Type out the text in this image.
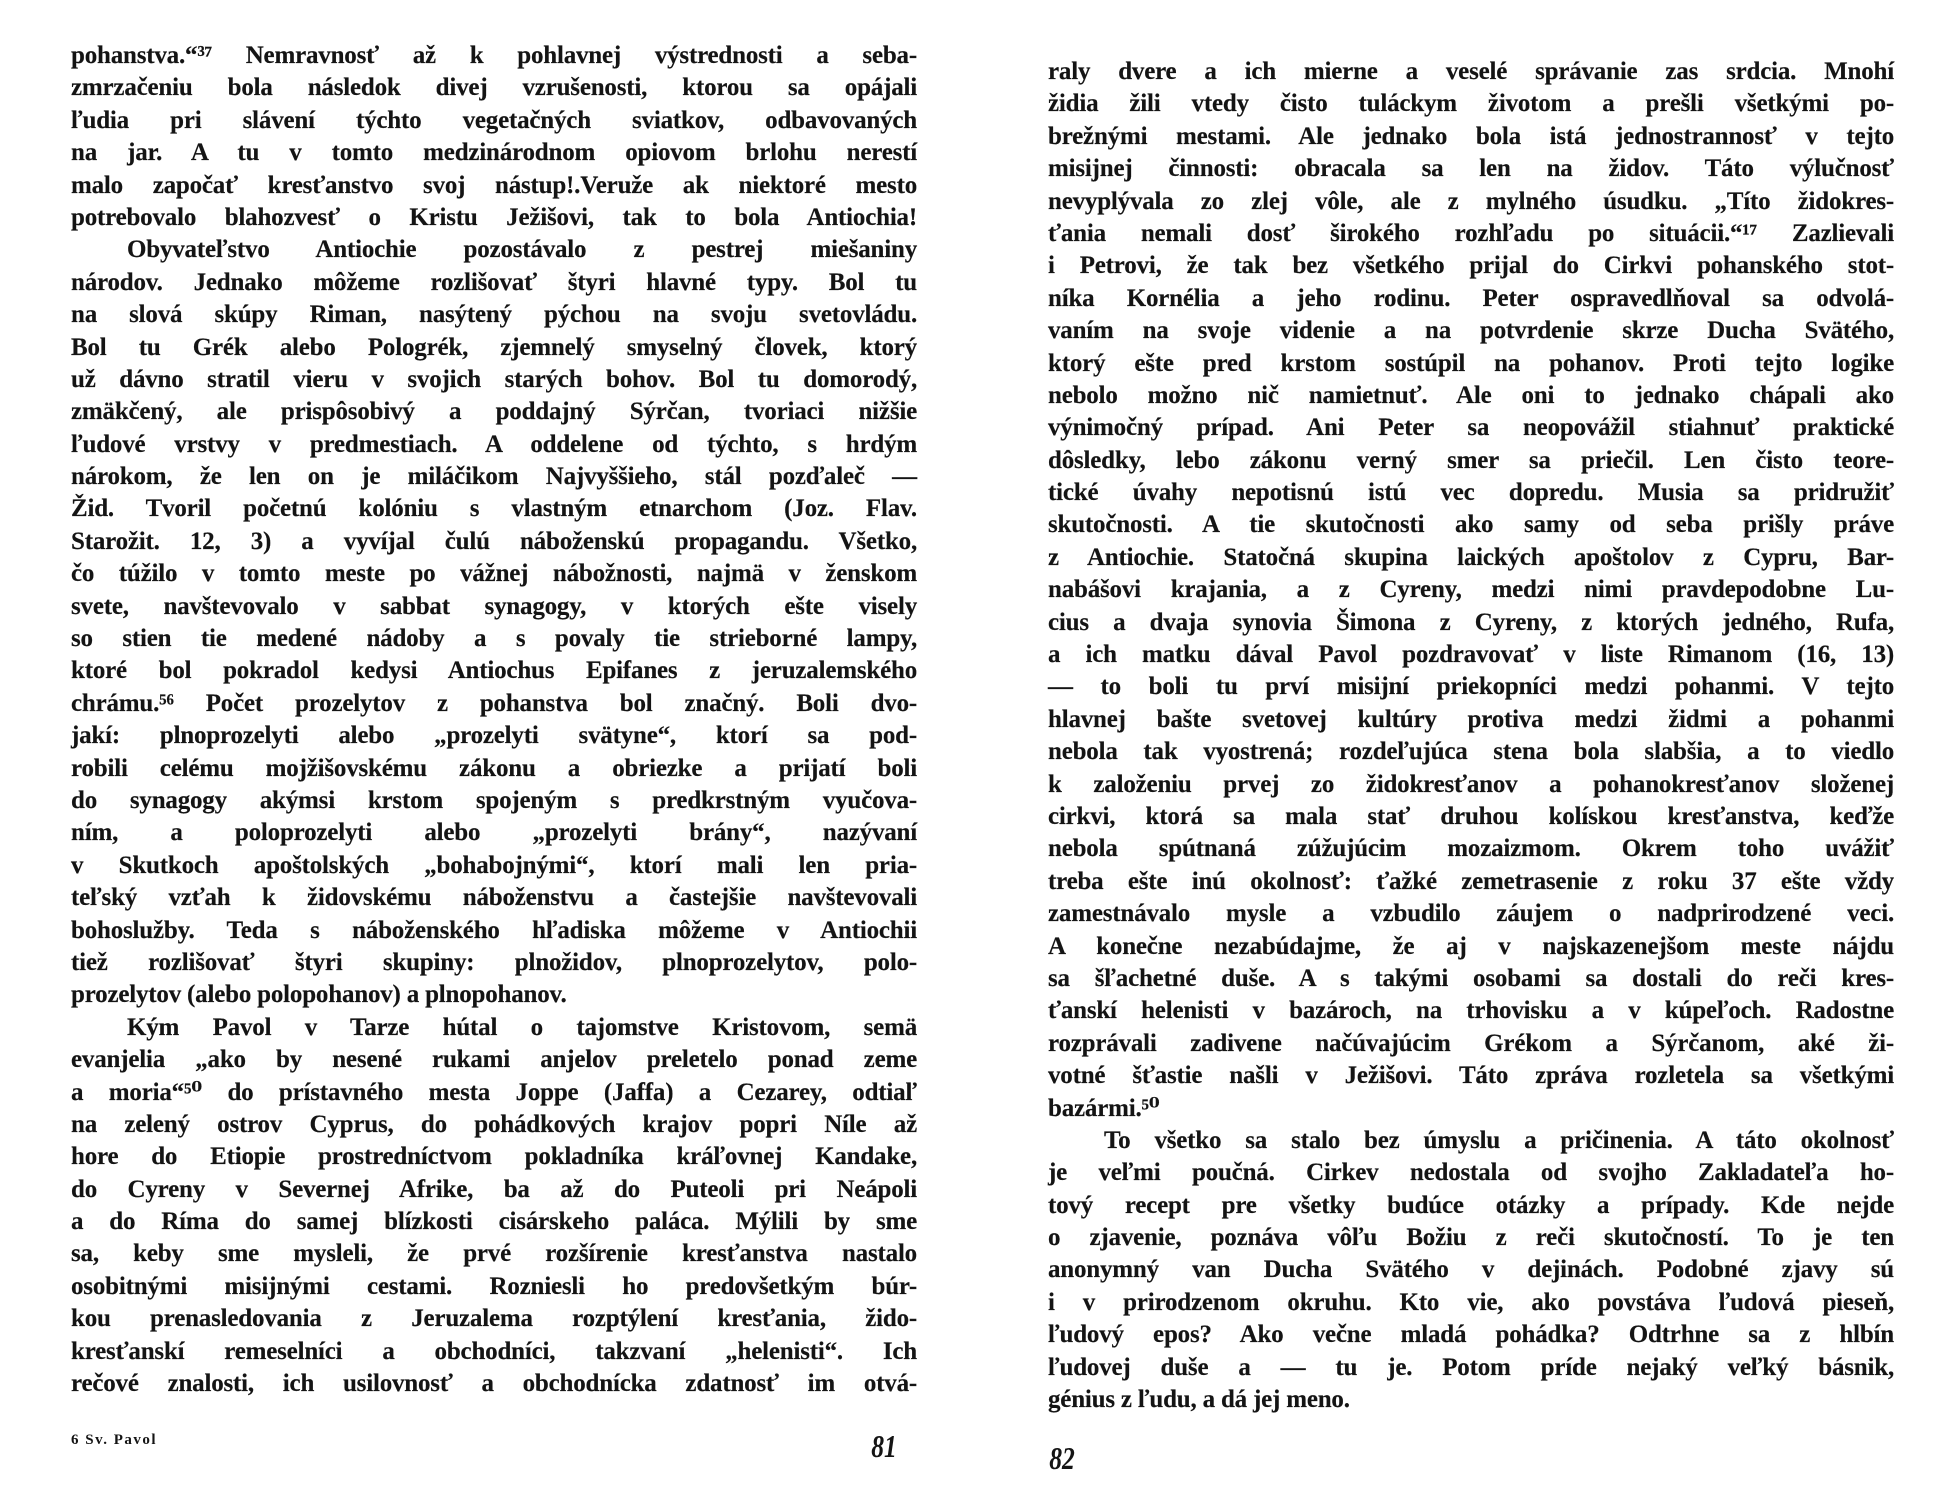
pohanstva.“³⁷ Nemravnosť až k pohlavnej výstrednosti a seba-
zmrzačeniu bola následok divej vzrušenosti, ktorou sa opájali
ľudia pri slávení týchto vegetačných sviatkov, odbavovaných
na jar. A tu v tomto medzinárodnom opiovom brlohu nerestí
malo započať kresťanstvo svoj nástup!.Veruže ak niektoré mesto
potrebovalo blahozvesť o Kristu Ježišovi, tak to bola Antiochia!
Obyvateľstvo Antiochie pozostávalo z pestrej miešaniny
národov. Jednako môžeme rozlišovať štyri hlavné typy. Bol tu
na slová skúpy Riman, nasýtený pýchou na svoju svetovládu.
Bol tu Grék alebo Pologrék, zjemnelý smyselný človek, ktorý
už dávno stratil vieru v svojich starých bohov. Bol tu domorodý,
zmäkčený, ale prispôsobivý a poddajný Sýrčan, tvoriaci nižšie
ľudové vrstvy v predmestiach. A oddelene od týchto, s hrdým
nárokom, že len on je miláčikom Najvyššieho, stál pozďaleč —
Žid. Tvoril početnú kolóniu s vlastným etnarchom (Joz. Flav.
Starožit. 12, 3) a vyvíjal čulú náboženskú propagandu. Všetko,
čo túžilo v tomto meste po vážnej nábožnosti, najmä v ženskom
svete, navštevovalo v sabbat synagogy, v ktorých ešte visely
so stien tie medené nádoby a s povaly tie strieborné lampy,
ktoré bol pokradol kedysi Antiochus Epifanes z jeruzalemského
chrámu.⁵⁶ Počet prozelytov z pohanstva bol značný. Boli dvo-
jakí: plnoprozelyti alebo „prozelyti svätyne“, ktorí sa pod-
robili celému mojžišovskému zákonu a obriezke a prijatí boli
do synagogy akýmsi krstom spojeným s predkrstným vyučova-
ním, a poloprozelyti alebo „prozelyti brány“, nazývaní
v Skutkoch apoštolských „bohabojnými“, ktorí mali len pria-
teľský vzťah k židovskému náboženstvu a častejšie navštevovali
bohoslužby. Teda s náboženského hľadiska môžeme v Antiochii
tiež rozlišovať štyri skupiny: plnožidov, plnoprozelytov, polo-
prozelytov (alebo polopohanov) a plnopohanov.
Kým Pavol v Tarze hútal o tajomstve Kristovom, semä
evanjelia „ako by nesené rukami anjelov preletelo ponad zeme
a moria“⁵⁰ do prístavného mesta Joppe (Jaffa) a Cezarey, odtiaľ
na zelený ostrov Cyprus, do pohádkových krajov popri Níle až
hore do Etiopie prostredníctvom pokladníka kráľovnej Kandake,
do Cyreny v Severnej Afrike, ba až do Puteoli pri Neápoli
a do Ríma do samej blízkosti cisárskeho paláca. Mýlili by sme
sa, keby sme mysleli, že prvé rozšírenie kresťanstva nastalo
osobitnými misijnými cestami. Rozniesli ho predovšetkým búr-
kou prenasledovania z Jeruzalema rozptýlení kresťania, žido-
kresťanskí remeselníci a obchodníci, takzvaní „helenisti“. Ich
rečové znalosti, ich usilovnosť a obchodnícka zdatnosť im otvá-
raly dvere a ich mierne a veselé správanie zas srdcia. Mnohí
židia žili vtedy čisto tuláckym životom a prešli všetkými po-
brežnými mestami. Ale jednako bola istá jednostrannosť v tejto
misijnej činnosti: obracala sa len na židov. Táto výlučnosť
nevyplývala zo zlej vôle, ale z mylného úsudku. „Títo židokres-
ťania nemali dosť širokého rozhľadu po situácii.“¹⁷ Zazlievali
i Petrovi, že tak bez všetkého prijal do Cirkvi pohanského stot-
níka Kornélia a jeho rodinu. Peter ospravedlňoval sa odvolá-
vaním na svoje videnie a na potvrdenie skrze Ducha Svätého,
ktorý ešte pred krstom sostúpil na pohanov. Proti tejto logike
nebolo možno nič namietnuť. Ale oni to jednako chápali ako
výnimočný prípad. Ani Peter sa neopovážil stiahnuť praktické
dôsledky, lebo zákonu verný smer sa priečil. Len čisto teore-
tické úvahy nepotisnú istú vec dopredu. Musia sa pridružiť
skutočnosti. A tie skutočnosti ako samy od seba prišly práve
z Antiochie. Statočná skupina laických apoštolov z Cypru, Bar-
nabášovi krajania, a z Cyreny, medzi nimi pravdepodobne Lu-
cius a dvaja synovia Šimona z Cyreny, z ktorých jedného, Rufa,
a ich matku dával Pavol pozdravovať v liste Rimanom (16, 13)
— to boli tu prví misijní priekopníci medzi pohanmi. V tejto
hlavnej bašte svetovej kultúry protiva medzi židmi a pohanmi
nebola tak vyostrená; rozdeľujúca stena bola slabšia, a to viedlo
k založeniu prvej zo židokresťanov a pohanokresťanov složenej
cirkvi, ktorá sa mala stať druhou kolískou kresťanstva, keďže
nebola spútnaná zúžujúcim mozaizmom. Okrem toho uvážiť
treba ešte inú okolnosť: ťažké zemetrasenie z roku 37 ešte vždy
zamestnávalo mysle a vzbudilo záujem o nadprirodzené veci.
A konečne nezabúdajme, že aj v najskazenejšom meste nájdu
sa šľachetné duše. A s takými osobami sa dostali do reči kres-
ťanskí helenisti v bazároch, na trhovisku a v kúpeľoch. Radostne
rozprávali zadivene načúvajúcim Grékom a Sýrčanom, aké ži-
votné šťastie našli v Ježišovi. Táto zpráva rozletela sa všetkými
bazármi.⁵⁰
To všetko sa stalo bez úmyslu a pričinenia. A táto okolnosť
je veľmi poučná. Cirkev nedostala od svojho Zakladateľa ho-
tový recept pre všetky budúce otázky a prípady. Kde nejde
o zjavenie, poznáva vôľu Božiu z reči skutočností. To je ten
anonymný van Ducha Svätého v dejinách. Podobné zjavy sú
i v prirodzenom okruhu. Kto vie, ako povstáva ľudová pieseň,
ľudový epos? Ako večne mladá pohádka? Odtrhne sa z hlbín
ľudovej duše a — tu je. Potom príde nejaký veľký básnik,
génius z ľudu, a dá jej meno.
6 Sv. Pavol	81	82
